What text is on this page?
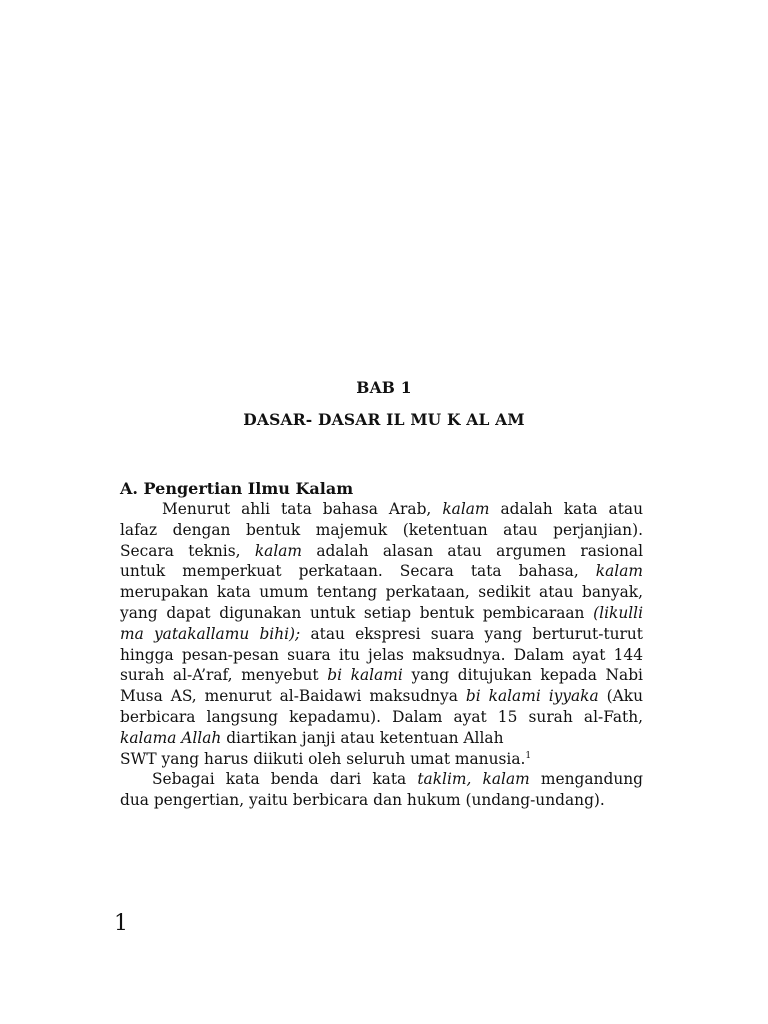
BAB 1
DASAR- DASAR IL MU K AL AM
A. Pengertian Ilmu Kalam
Menurut ahli tata bahasa Arab, kalam adalah kata atau
lafaz dengan bentuk majemuk (ketentuan atau perjanjian).
Secara teknis, kalam adalah alasan atau argumen rasional
untuk memperkuat perkataan. Secara tata bahasa, kalam
merupakan kata umum tentang perkataan, sedikit atau banyak,
yang dapat digunakan untuk setiap bentuk pembicaraan (likulli
ma yatakallamu bihi); atau ekspresi suara yang berturut-turut
hingga pesan-pesan suara itu jelas maksudnya. Dalam ayat 144
surah al-A’raf, menyebut bi kalami yang ditujukan kepada Nabi
Musa AS, menurut al-Baidawi maksudnya bi kalami iyyaka (Aku
berbicara langsung kepadamu). Dalam ayat 15 surah al-Fath,
kalama Allah diartikan janji atau ketentuan Allah
SWT yang harus diikuti oleh seluruh umat manusia.$^1$
Sebagai kata benda dari kata taklim, kalam mengandung
dua pengertian, yaitu berbicara dan hukum (undang-undang).
1
